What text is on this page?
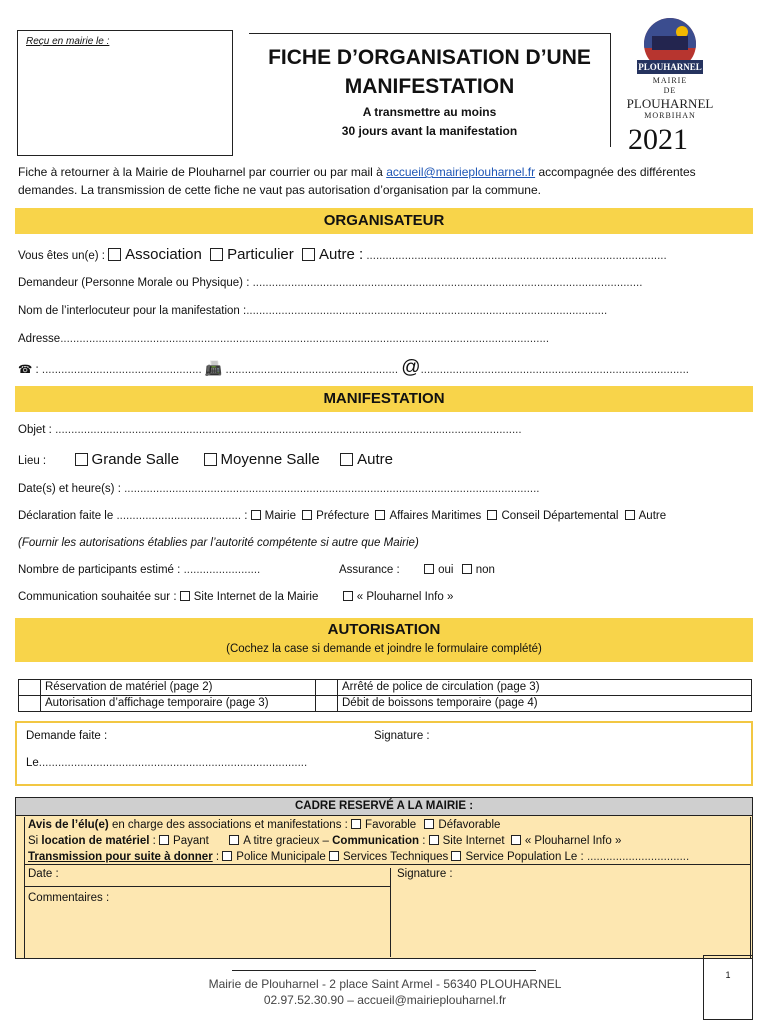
Reçu en mairie le :
FICHE D’ORGANISATION D’UNE
MANIFESTATION
A transmettre au moins
30 jours avant la manifestation
PLOUHARNEL
MAIRIE
DE
PLOUHARNEL
MORBIHAN
2021
Fiche à retourner à la Mairie de Plouharnel par courrier ou par mail à accueil@mairieplouharnel.fr accompagnée des différentes demandes. La transmission de cette fiche ne vaut pas autorisation d’organisation par la commune.
ORGANISATEUR
Vous êtes un(e) : Association Particulier Autre : ..............................................................................................
Demandeur (Personne Morale ou Physique) : ..........................................................................................................................
Nom de l’interlocuteur pour la manifestation :.................................................................................................................
Adresse.........................................................................................................................................................
☎ : .................................................. 📠 ...................................................... @....................................................................................
MANIFESTATION
Objet : ..................................................................................................................................................
Lieu :	Grande Salle	Moyenne Salle Autre
Date(s) et heure(s) : ..................................................................................................................................
Déclaration faite le ....................................... : Mairie Préfecture Affaires Maritimes Conseil Départemental Autre
(Fournir les autorisations établies par l’autorité compétente si autre que Mairie)
Nombre de participants estimé : ........................	Assurance :	oui non
Communication souhaitée sur : Site Internet de la Mairie	« Plouharnel Info »
AUTORISATION
(Cochez la case si demande et joindre le formulaire complété)
	Réservation de matériel (page 2)		Arrêté de police de circulation (page 3)
	Autorisation d’affichage temporaire (page 3)		Débit de boissons temporaire (page 4)
Demande faite :	Signature :
Le....................................................................................
CADRE RESERVÉ A LA MAIRIE :
Avis de l’élu(e) en charge des associations et manifestations : Favorable Défavorable
Si location de matériel : Payant	A titre gracieux – Communication : Site Internet « Plouharnel Info »
Transmission pour suite à donner : Police Municipale Services Techniques Service Population Le : ................................
Date :	Signature :
Commentaires :
Mairie de Plouharnel - 2 place Saint Armel - 56340 PLOUHARNEL
02.97.52.30.90 – accueil@mairieplouharnel.fr
1
